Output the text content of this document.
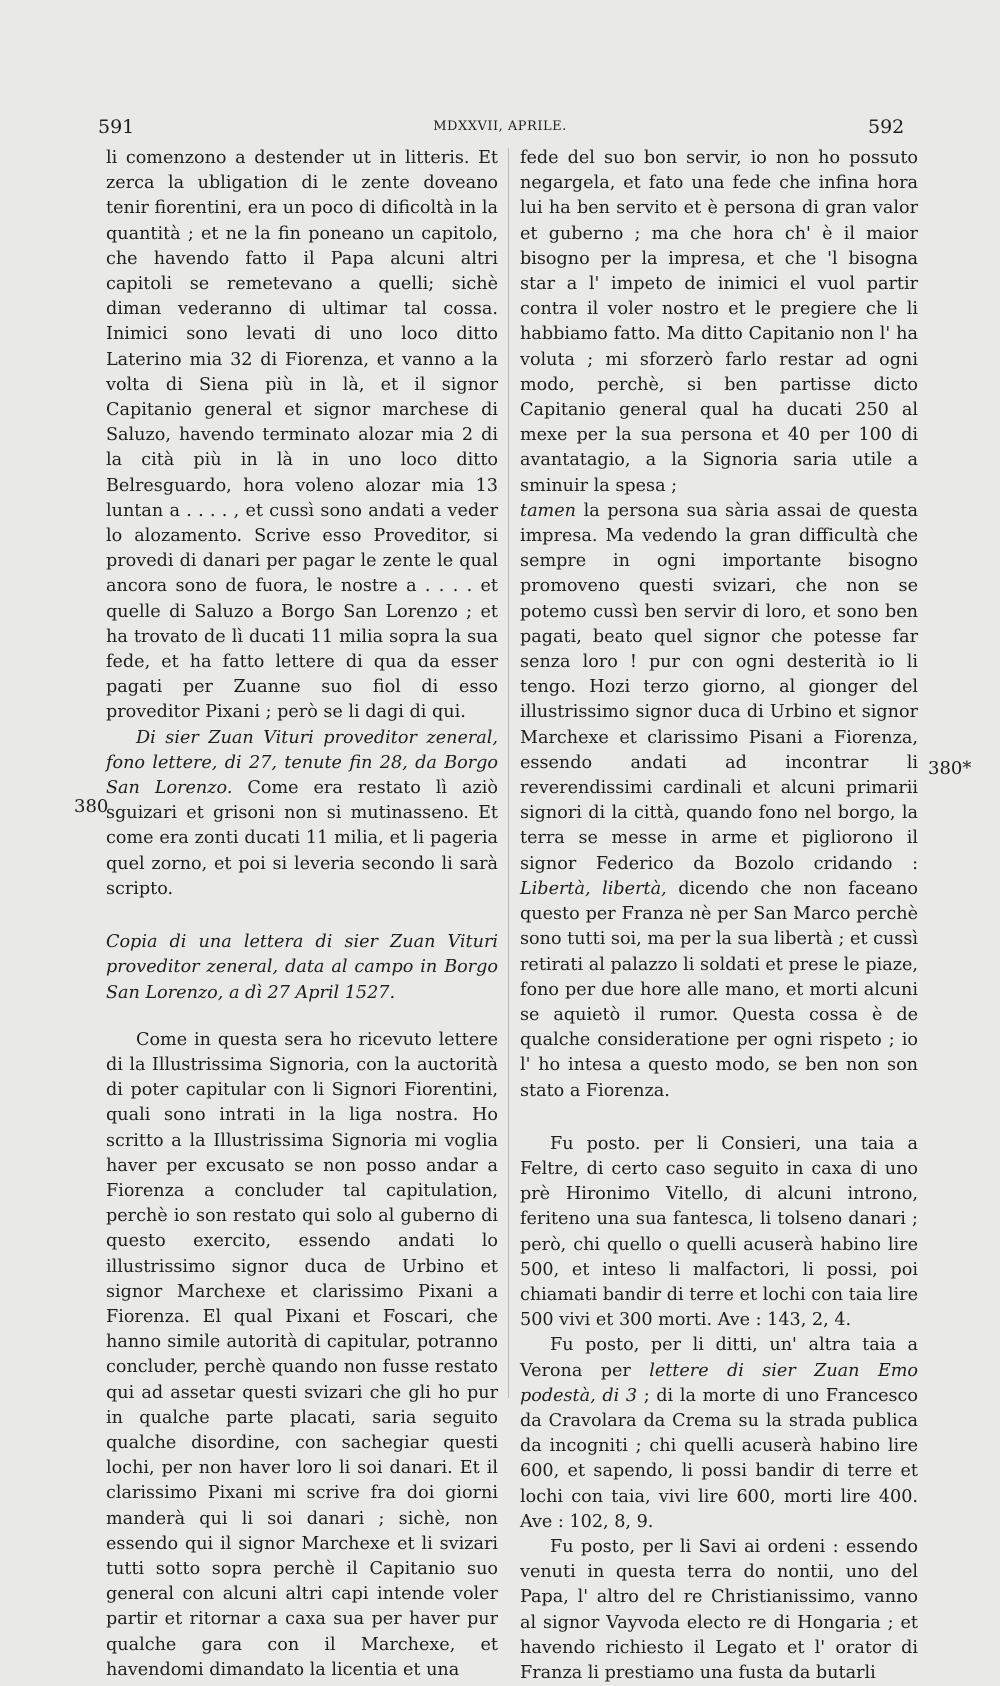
591	MDXXVII, APRILE.	592
380
380*

li comenzono a destender ut in litteris. Et zerca la ubligation di le zente doveano tenir fiorentini, era un poco di dificoltà in la quantità ; et ne la fin poneano un capitolo, che havendo fatto il Papa alcuni altri capitoli se remetevano a quelli; sichè diman vederanno di ultimar tal cossa. Inimici sono levati di uno loco ditto Laterino mia 32 di Fiorenza, et vanno a la volta di Siena più in là, et il signor Capitanio general et signor marchese di Saluzo, havendo terminato alozar mia 2 di la cità più in là in uno loco ditto Belresguardo, hora voleno alozar mia 13 luntan a . . . . , et cussì sono andati a veder lo alozamento. Scrive esso Proveditor, si provedi di danari per pagar le zente le qual ancora sono de fuora, le nostre a . . . . et quelle di Saluzo a Borgo San Lorenzo ; et ha trovato de lì ducati 11 milia sopra la sua fede, et ha fatto lettere di qua da esser pagati per Zuanne suo fiol di esso proveditor Pixani ; però se li dagi di qui.

Di sier Zuan Vituri proveditor zeneral, fono lettere, di 27, tenute fin 28, da Borgo San Lorenzo. Come era restato lì aziò sguizari et grisoni non si mutinasseno. Et come era zonti ducati 11 milia, et li pageria quel zorno, et poi si leveria secondo li sarà scripto.

Copia di una lettera di sier Zuan Vituri proveditor zeneral, data al campo in Borgo San Lorenzo, a dì 27 April 1527.

Come in questa sera ho ricevuto lettere di la Illustrissima Signoria, con la auctorità di poter capitular con li Signori Fiorentini, quali sono intrati in la liga nostra. Ho scritto a la Illustrissima Signoria mi voglia haver per excusato se non posso andar a Fiorenza a concluder tal capitulation, perchè io son restato qui solo al guberno di questo exercito, essendo andati lo illustrissimo signor duca de Urbino et signor Marchexe et clarissimo Pixani a Fiorenza. El qual Pixani et Foscari, che hanno simile autorità di capitular, potranno concluder, perchè quando non fusse restato qui ad assetar questi svizari che gli ho pur in qualche parte placati, saria seguito qualche disordine, con sachegiar questi lochi, per non haver loro li soi danari. Et il clarissimo Pixani mi scrive fra doi giorni manderà qui li soi danari ; sichè, non essendo qui il signor Marchexe et li svizari tutti sotto sopra perchè il Capitanio suo general con alcuni altri capi intende voler partir et ritornar a caxa sua per haver pur qualche gara con il Marchexe, et havendomi dimandato la licentia et una

fede del suo bon servir, io non ho possuto negargela, et fato una fede che infina hora lui ha ben servito et è persona di gran valor et guberno ; ma che hora ch' è il maior bisogno per la impresa, et che 'l bisogna star a l' impeto de inimici el vuol partir contra il voler nostro et le pregiere che li habbiamo fatto. Ma ditto Capitanio non l' ha voluta ; mi sforzerò farlo restar ad ogni modo, perchè, si ben partisse dicto Capitanio general qual ha ducati 250 al mexe per la sua persona et 40 per 100 di avantatagio, a la Signoria saria utile a sminuir la spesa ;
tamen la persona sua sària assai de questa impresa. Ma vedendo la gran difficultà che sempre in ogni importante bisogno promoveno questi svizari, che non se potemo cussì ben servir di loro, et sono ben pagati, beato quel signor che potesse far senza loro ! pur con ogni desterità io li tengo. Hozi terzo giorno, al gionger del illustrissimo signor duca di Urbino et signor Marchexe et clarissimo Pisani a Fiorenza, essendo andati ad incontrar li reverendissimi cardinali et alcuni primarii signori di la città, quando fono nel borgo, la terra se messe in arme et pigliorono il signor Federico da Bozolo cridando : Libertà, libertà, dicendo che non faceano questo per Franza nè per San Marco perchè sono tutti soi, ma per la sua libertà ; et cussì retirati al palazzo li soldati et prese le piaze, fono per due hore alle mano, et morti alcuni se aquietò il rumor. Questa cossa è de qualche consideratione per ogni rispeto ; io l' ho intesa a questo modo, se ben non son stato a Fiorenza.

Fu posto. per li Consieri, una taia a Feltre, di certo caso seguito in caxa di uno prè Hironimo Vitello, di alcuni introno, feriteno una sua fantesca, li tolseno danari ; però, chi quello o quelli acuserà habino lire 500, et inteso li malfactori, li possi, poi chiamati bandir di terre et lochi con taia lire 500 vivi et 300 morti. Ave : 143, 2, 4.

Fu posto, per li ditti, un' altra taia a Verona per lettere di sier Zuan Emo podestà, di 3 ; di la morte di uno Francesco da Cravolara da Crema su la strada publica da incogniti ; chi quelli acuserà habino lire 600, et sapendo, li possi bandir di terre et lochi con taia, vivi lire 600, morti lire 400. Ave : 102, 8, 9.

Fu posto, per li Savi ai ordeni : essendo venuti in questa terra do nontii, uno del Papa, l' altro del re Christianissimo, vanno al signor Vayvoda electo re di Hongaria ; et havendo richiesto il Legato et l' orator di Franza li prestiamo una fusta da butarli
